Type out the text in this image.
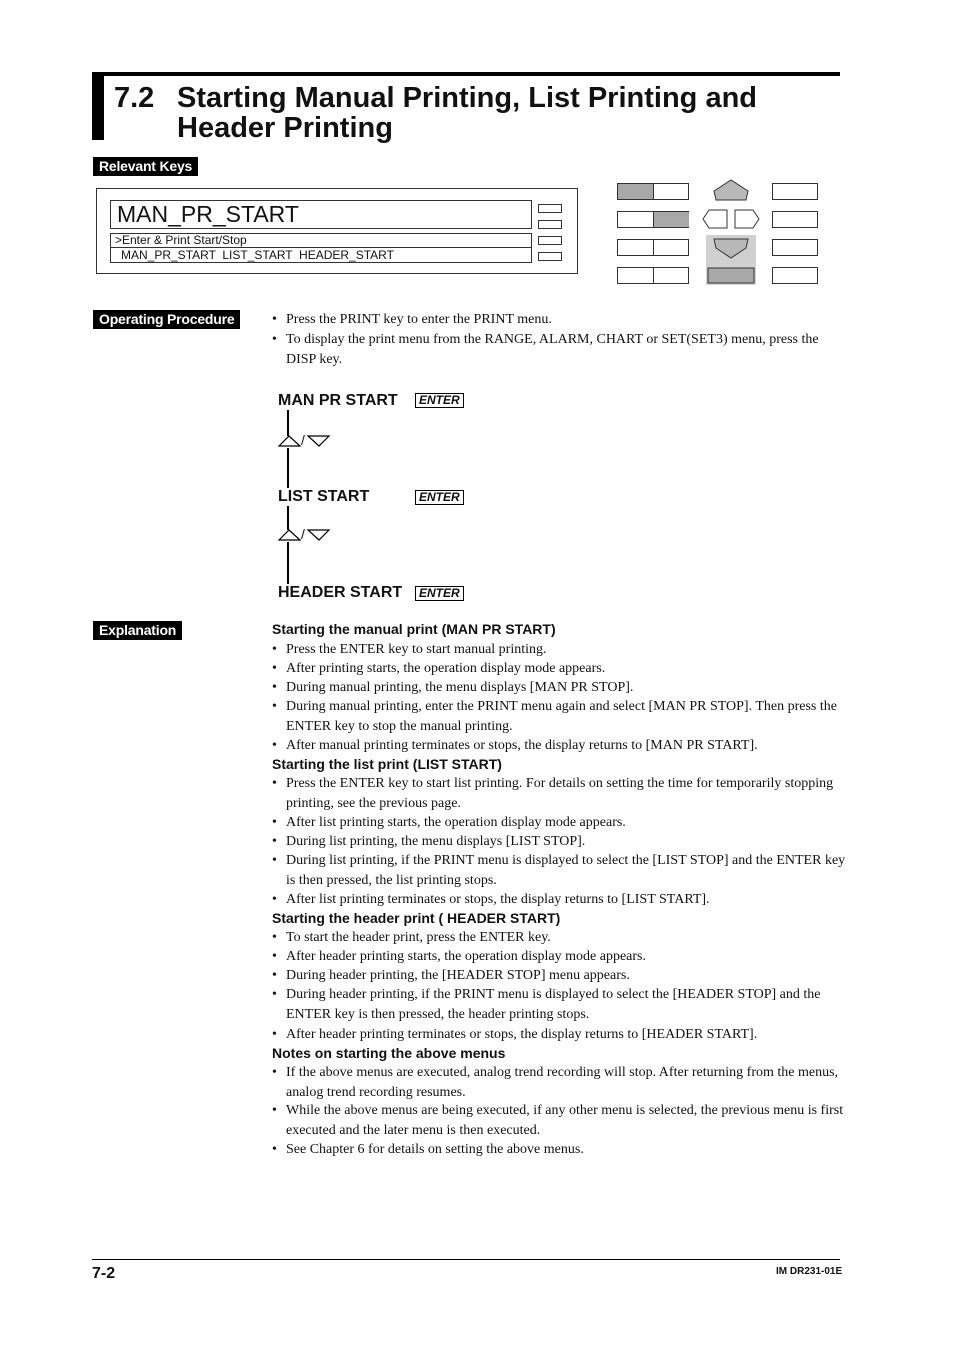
7.2 Starting Manual Printing, List Printing and
Header Printing
Relevant Keys
MAN_PR_START
>Enter & Print Start/Stop
MAN_PR_START  LIST_START  HEADER_START
Operating Procedure	• Press the PRINT key to enter the PRINT menu.
• To display the print menu from the RANGE, ALARM, CHART or SET(SET3) menu, press the DISP key.
MAN PR START	ENTER
/
LIST START	ENTER
/
HEADER START	ENTER
Explanation	Starting the manual print (MAN PR START)
• Press the ENTER key to start manual printing.
• After printing starts, the operation display mode appears.
• During manual printing, the menu displays [MAN PR STOP].
• During manual printing, enter the PRINT menu again and select [MAN PR STOP]. Then press the ENTER key to stop the manual printing.
• After manual printing terminates or stops, the display returns to [MAN PR START].
Starting the list print (LIST START)
• Press the ENTER key to start list printing. For details on setting the time for temporarily stopping printing, see the previous page.
• After list printing starts, the operation display mode appears.
• During list printing, the menu displays [LIST STOP].
• During list printing, if the PRINT menu is displayed to select the [LIST STOP] and the ENTER key is then pressed, the list printing stops.
• After list printing terminates or stops, the display returns to [LIST START].
Starting the header print ( HEADER START)
• To start the header print, press the ENTER key.
• After header printing starts, the operation display mode appears.
• During header printing, the [HEADER STOP] menu appears.
• During header printing, if the PRINT menu is displayed to select the [HEADER STOP] and the ENTER key is then pressed, the header printing stops.
• After header printing terminates or stops, the display returns to [HEADER START].
Notes on starting the above menus
• If the above menus are executed, analog trend recording will stop. After returning from the menus, analog trend recording resumes.
• While the above menus are being executed, if any other menu is selected, the previous menu is first executed and the later menu is then executed.
• See Chapter 6 for details on setting the above menus.
7-2	IM DR231-01E
